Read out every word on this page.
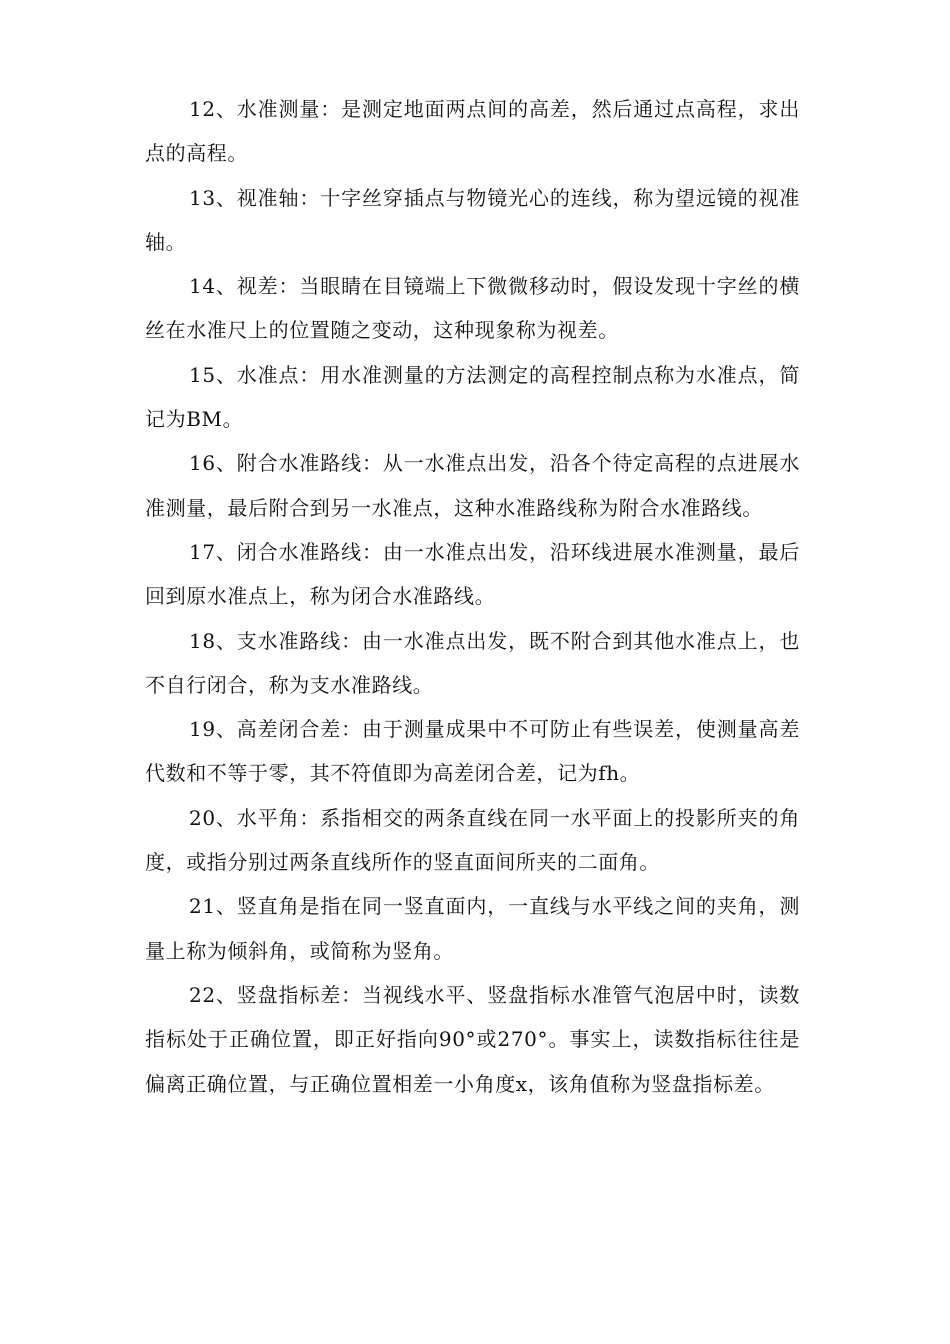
12、水准测量：是测定地面两点间的高差，然后通过点高程，求出点的高程。

13、视准轴：十字丝穿插点与物镜光心的连线，称为望远镜的视准轴。

14、视差：当眼睛在目镜端上下微微移动时，假设发现十字丝的横丝在水准尺上的位置随之变动，这种现象称为视差。

15、水准点：用水准测量的方法测定的高程控制点称为水准点，简记为BM。

16、附合水准路线：从一水准点出发，沿各个待定高程的点进展水准测量，最后附合到另一水准点，这种水准路线称为附合水准路线。

17、闭合水准路线：由一水准点出发，沿环线进展水准测量，最后回到原水准点上，称为闭合水准路线。

18、支水准路线：由一水准点出发，既不附合到其他水准点上，也不自行闭合，称为支水准路线。

19、高差闭合差：由于测量成果中不可防止有些误差，使测量高差代数和不等于零，其不符值即为高差闭合差，记为fh。

20、水平角：系指相交的两条直线在同一水平面上的投影所夹的角度，或指分别过两条直线所作的竖直面间所夹的二面角。

21、竖直角是指在同一竖直面内，一直线与水平线之间的夹角，测量上称为倾斜角，或简称为竖角。

22、竖盘指标差：当视线水平、竖盘指标水准管气泡居中时，读数指标处于正确位置，即正好指向90°或270°。事实上，读数指标往往是偏离正确位置，与正确位置相差一小角度x，该角值称为竖盘指标差。
